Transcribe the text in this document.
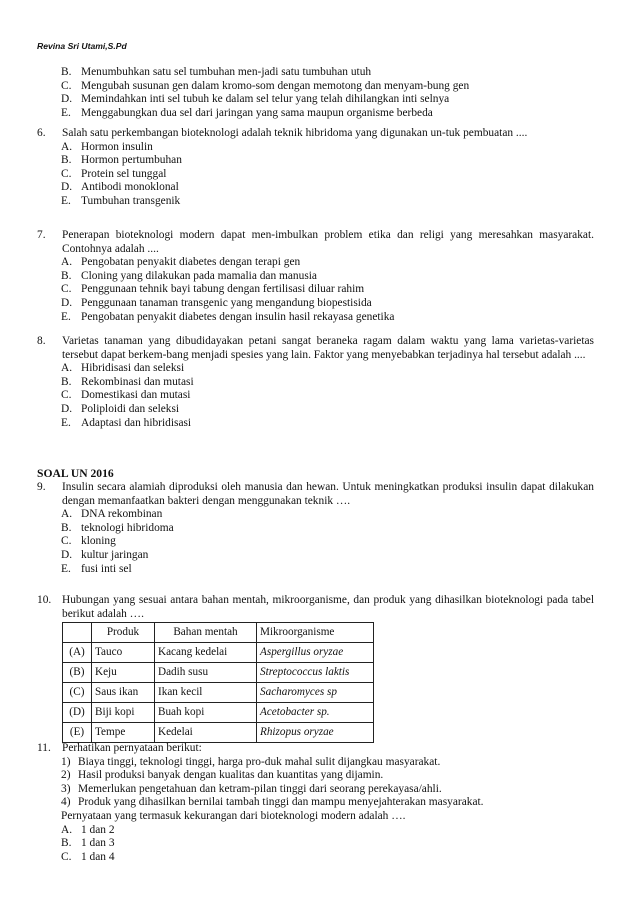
Revina Sri Utami,S.Pd
B. Menumbuhkan satu sel tumbuhan men-jadi satu tumbuhan utuh
C. Mengubah susunan gen dalam kromo-som dengan memotong dan menyam-bung gen
D. Memindahkan inti sel tubuh ke dalam sel telur yang telah dihilangkan inti selnya
E. Menggabungkan dua sel dari jaringan yang sama maupun organisme berbeda
6. Salah satu perkembangan bioteknologi adalah teknik hibridoma yang digunakan un-tuk pembuatan ....
A. Hormon insulin
B. Hormon pertumbuhan
C. Protein sel tunggal
D. Antibodi monoklonal
E. Tumbuhan transgenik
7. Penerapan bioteknologi modern dapat men-imbulkan problem etika dan religi yang meresahkan masyarakat. Contohnya adalah ....
A. Pengobatan penyakit diabetes dengan terapi gen
B. Cloning yang dilakukan pada mamalia dan manusia
C. Penggunaan tehnik bayi tabung dengan fertilisasi diluar rahim
D. Penggunaan tanaman transgenic yang mengandung biopestisida
E. Pengobatan penyakit diabetes dengan insulin hasil rekayasa genetika
8. Varietas tanaman yang dibudidayakan petani sangat beraneka ragam dalam waktu yang lama varietas-varietas tersebut dapat berkem-bang menjadi spesies yang lain. Faktor yang menyebabkan terjadinya hal tersebut adalah ....
A. Hibridisasi dan seleksi
B. Rekombinasi dan mutasi
C. Domestikasi dan mutasi
D. Poliploidi dan seleksi
E. Adaptasi dan hibridisasi
SOAL UN 2016
9. Insulin secara alamiah diproduksi oleh manusia dan hewan. Untuk meningkatkan produksi insulin dapat dilakukan dengan memanfaatkan bakteri dengan menggunakan teknik ….
A. DNA rekombinan
B. teknologi hibridoma
C. kloning
D. kultur jaringan
E. fusi inti sel
10. Hubungan yang sesuai antara bahan mentah, mikroorganisme, dan produk yang dihasilkan bioteknologi pada tabel berikut adalah ….
	Produk	Bahan mentah	Mikroorganisme
(A)	Tauco	Kacang kedelai	Aspergillus oryzae
(B)	Keju	Dadih susu	Streptococcus laktis
(C)	Saus ikan	Ikan kecil	Sacharomyces sp
(D)	Biji kopi	Buah kopi	Acetobacter sp.
(E)	Tempe	Kedelai	Rhizopus oryzae
11. Perhatikan pernyataan berikut:
1) Biaya tinggi, teknologi tinggi, harga pro-duk mahal sulit dijangkau masyarakat.
2) Hasil produksi banyak dengan kualitas dan kuantitas yang dijamin.
3) Memerlukan pengetahuan dan ketram-pilan tinggi dari seorang perekayasa/ahli.
4) Produk yang dihasilkan bernilai tambah tinggi dan mampu menyejahterakan masyarakat.
Pernyataan yang termasuk kekurangan dari bioteknologi modern adalah ….
A. 1 dan 2
B. 1 dan 3
C. 1 dan 4
